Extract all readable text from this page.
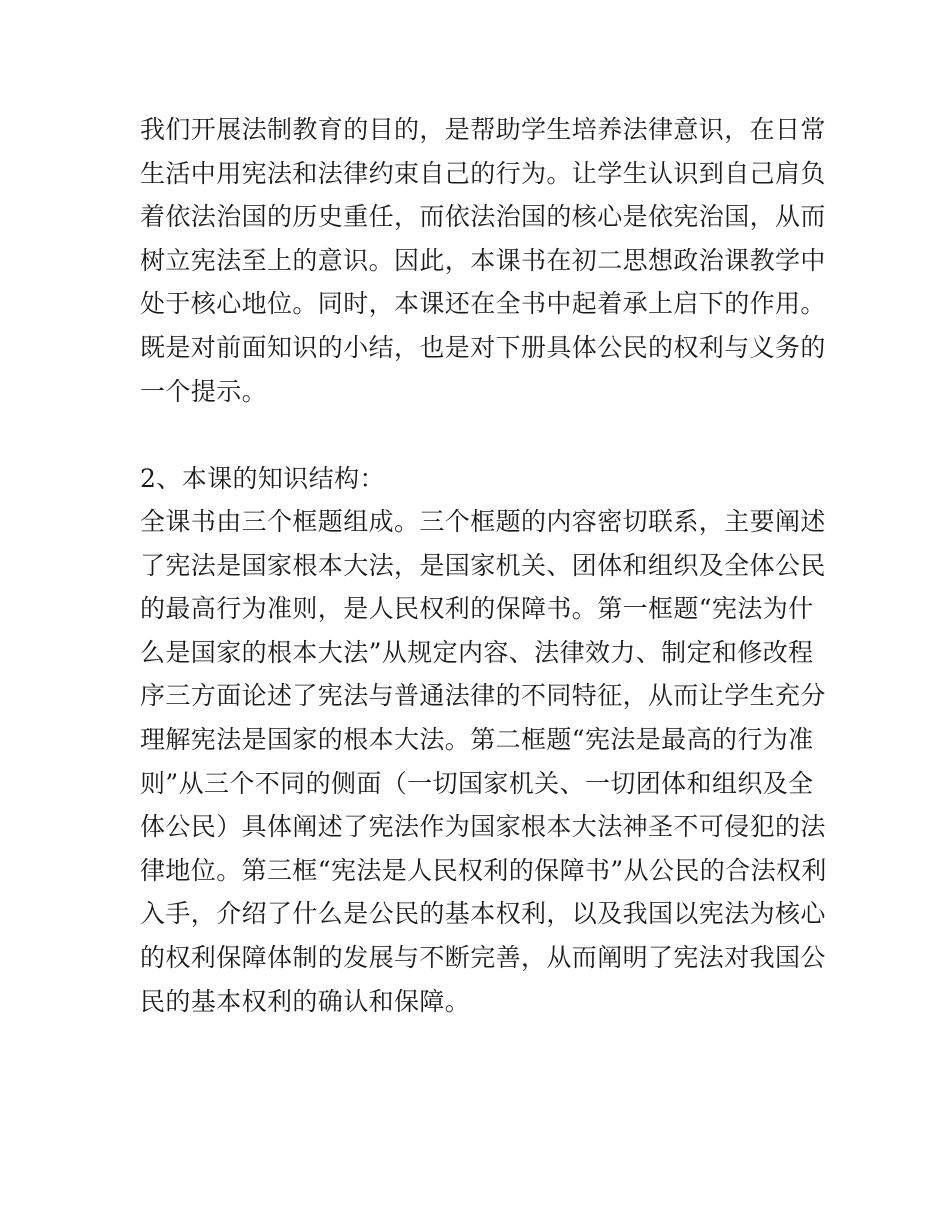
我们开展法制教育的目的，是帮助学生培养法律意识，在日常
生活中用宪法和法律约束自己的行为。让学生认识到自己肩负
着依法治国的历史重任，而依法治国的核心是依宪治国，从而
树立宪法至上的意识。因此，本课书在初二思想政治课教学中
处于核心地位。同时，本课还在全书中起着承上启下的作用。
既是对前面知识的小结，也是对下册具体公民的权利与义务的
一个提示。
2、本课的知识结构：
全课书由三个框题组成。三个框题的内容密切联系，主要阐述
了宪法是国家根本大法，是国家机关、团体和组织及全体公民
的最高行为准则，是人民权利的保障书。第一框题“宪法为什
么是国家的根本大法”从规定内容、法律效力、制定和修改程
序三方面论述了宪法与普通法律的不同特征，从而让学生充分
理解宪法是国家的根本大法。第二框题“宪法是最高的行为准
则”从三个不同的侧面（一切国家机关、一切团体和组织及全
体公民）具体阐述了宪法作为国家根本大法神圣不可侵犯的法
律地位。第三框“宪法是人民权利的保障书”从公民的合法权利
入手，介绍了什么是公民的基本权利，以及我国以宪法为核心
的权利保障体制的发展与不断完善，从而阐明了宪法对我国公
民的基本权利的确认和保障。
